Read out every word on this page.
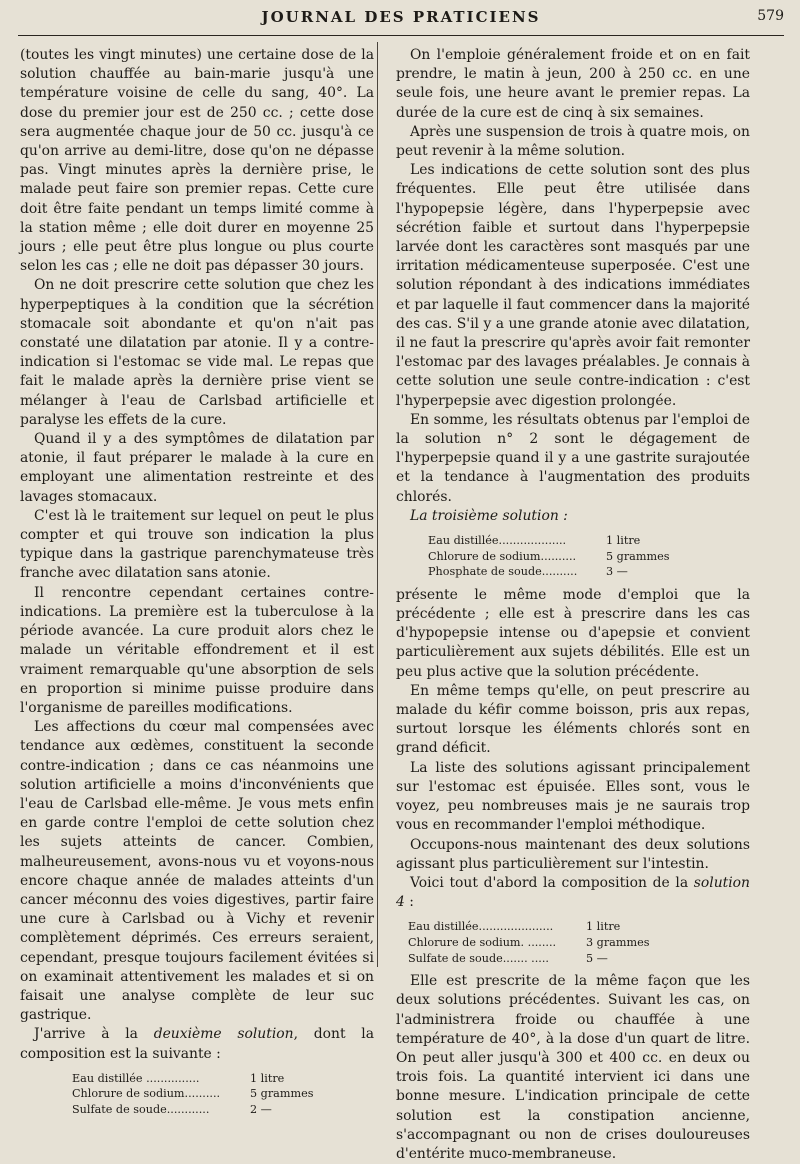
JOURNAL DES PRATICIENS	579

(toutes les vingt minutes) une certaine dose de la solution chauffée au bain-marie jusqu'à une température voisine de celle du sang, 40°. La dose du premier jour est de 250 cc. ; cette dose sera augmentée chaque jour de 50 cc. jusqu'à ce qu'on arrive au demi-litre, dose qu'on ne dépasse pas. Vingt minutes après la dernière prise, le malade peut faire son premier repas. Cette cure doit être faite pendant un temps limité comme à la station même ; elle doit durer en moyenne 25 jours ; elle peut être plus longue ou plus courte selon les cas ; elle ne doit pas dépasser 30 jours.

On ne doit prescrire cette solution que chez les hyperpeptiques à la condition que la sécrétion stomacale soit abondante et qu'on n'ait pas constaté une dilatation par atonie. Il y a contre-indication si l'estomac se vide mal. Le repas que fait le malade après la dernière prise vient se mélanger à l'eau de Carlsbad artificielle et paralyse les effets de la cure.

Quand il y a des symptômes de dilatation par atonie, il faut préparer le malade à la cure en employant une alimentation restreinte et des lavages stomacaux.

C'est là le traitement sur lequel on peut le plus compter et qui trouve son indication la plus typique dans la gastrique parenchymateuse très franche avec dilatation sans atonie.

Il rencontre cependant certaines contre-indications. La première est la tuberculose à la période avancée. La cure produit alors chez le malade un véritable effondrement et il est vraiment remarquable qu'une absorption de sels en proportion si minime puisse produire dans l'organisme de pareilles modifications.

Les affections du cœur mal compensées avec tendance aux œdèmes, constituent la seconde contre-indication ; dans ce cas néanmoins une solution artificielle a moins d'inconvénients que l'eau de Carlsbad elle-même. Je vous mets enfin en garde contre l'emploi de cette solution chez les sujets atteints de cancer. Combien, malheureusement, avons-nous vu et voyons-nous encore chaque année de malades atteints d'un cancer méconnu des voies digestives, partir faire une cure à Carlsbad ou à Vichy et revenir complètement déprimés. Ces erreurs seraient, cependant, presque toujours facilement évitées si on examinait attentivement les malades et si on faisait une analyse complète de leur suc gastrique.

J'arrive à la deuxième solution, dont la composition est la suivante :

Eau distillée ...............	1 litre
Chlorure de sodium..........	5 grammes
Sulfate de soude............	2 —

On l'emploie généralement froide et on en fait prendre, le matin à jeun, 200 à 250 cc. en une seule fois, une heure avant le premier repas. La durée de la cure est de cinq à six semaines.

Après une suspension de trois à quatre mois, on peut revenir à la même solution.

Les indications de cette solution sont des plus fréquentes. Elle peut être utilisée dans l'hypopepsie légère, dans l'hyperpepsie avec sécrétion faible et surtout dans l'hyperpepsie larvée dont les caractères sont masqués par une irritation médicamenteuse superposée. C'est une solution répondant à des indications immédiates et par laquelle il faut commencer dans la majorité des cas. S'il y a une grande atonie avec dilatation, il ne faut la prescrire qu'après avoir fait remonter l'estomac par des lavages préalables. Je connais à cette solution une seule contre-indication : c'est l'hyperpepsie avec digestion prolongée.

En somme, les résultats obtenus par l'emploi de la solution n° 2 sont le dégagement de l'hyperpepsie quand il y a une gastrite surajoutée et la tendance à l'augmentation des produits chlorés.

La troisième solution :

Eau distillée...................	1 litre
Chlorure de sodium..........	5 grammes
Phosphate de soude..........	3 —

présente le même mode d'emploi que la précédente ; elle est à prescrire dans les cas d'hypopepsie intense ou d'apepsie et convient particulièrement aux sujets débilités. Elle est un peu plus active que la solution précédente.

En même temps qu'elle, on peut prescrire au malade du kéfir comme boisson, pris aux repas, surtout lorsque les éléments chlorés sont en grand déficit.

La liste des solutions agissant principalement sur l'estomac est épuisée. Elles sont, vous le voyez, peu nombreuses mais je ne saurais trop vous en recommander l'emploi méthodique.

Occupons-nous maintenant des deux solutions agissant plus particulièrement sur l'intestin.

Voici tout d'abord la composition de la solution 4 :

Eau distillée.....................	1 litre
Chlorure de sodium. ........	3 grammes
Sulfate de soude....... .....	5 —

Elle est prescrite de la même façon que les deux solutions précédentes. Suivant les cas, on l'administrera froide ou chauffée à une température de 40°, à la dose d'un quart de litre. On peut aller jusqu'à 300 et 400 cc. en deux ou trois fois. La quantité intervient ici dans une bonne mesure. L'indication principale de cette solution est la constipation ancienne, s'accompagnant ou non de crises douloureuses d'entérite muco-membraneuse.
